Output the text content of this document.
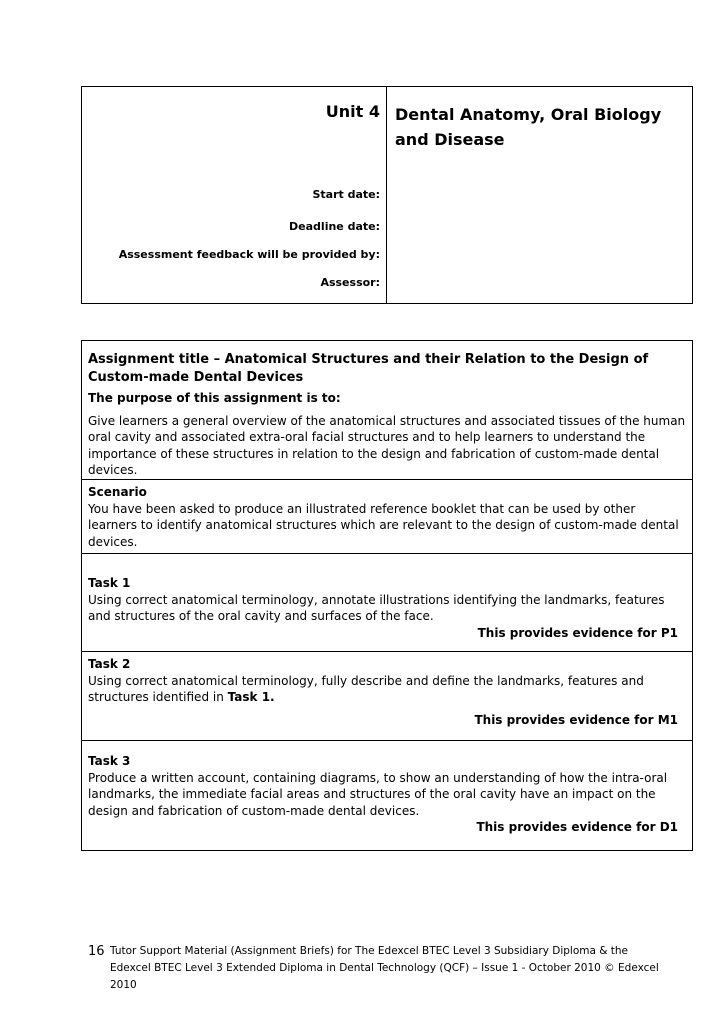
Unit 4 Dental Anatomy, Oral Biology and Disease
Start date:
Deadline date:
Assessment feedback will be provided by:
Assessor:
Assignment title – Anatomical Structures and their Relation to the Design of Custom-made Dental Devices
The purpose of this assignment is to:
Give learners a general overview of the anatomical structures and associated tissues of the human oral cavity and associated extra-oral facial structures and to help learners to understand the importance of these structures in relation to the design and fabrication of custom-made dental devices.
Scenario
You have been asked to produce an illustrated reference booklet that can be used by other learners to identify anatomical structures which are relevant to the design of custom-made dental devices.
Task 1
Using correct anatomical terminology, annotate illustrations identifying the landmarks, features and structures of the oral cavity and surfaces of the face.
This provides evidence for P1
Task 2
Using correct anatomical terminology, fully describe and define the landmarks, features and structures identified in Task 1.
This provides evidence for M1
Task 3
Produce a written account, containing diagrams, to show an understanding of how the intra-oral landmarks, the immediate facial areas and structures of the oral cavity have an impact on the design and fabrication of custom-made dental devices.
This provides evidence for D1
16 Tutor Support Material (Assignment Briefs) for The Edexcel BTEC Level 3 Subsidiary Diploma & the Edexcel BTEC Level 3 Extended Diploma in Dental Technology (QCF) – Issue 1 - October 2010 © Edexcel 2010
